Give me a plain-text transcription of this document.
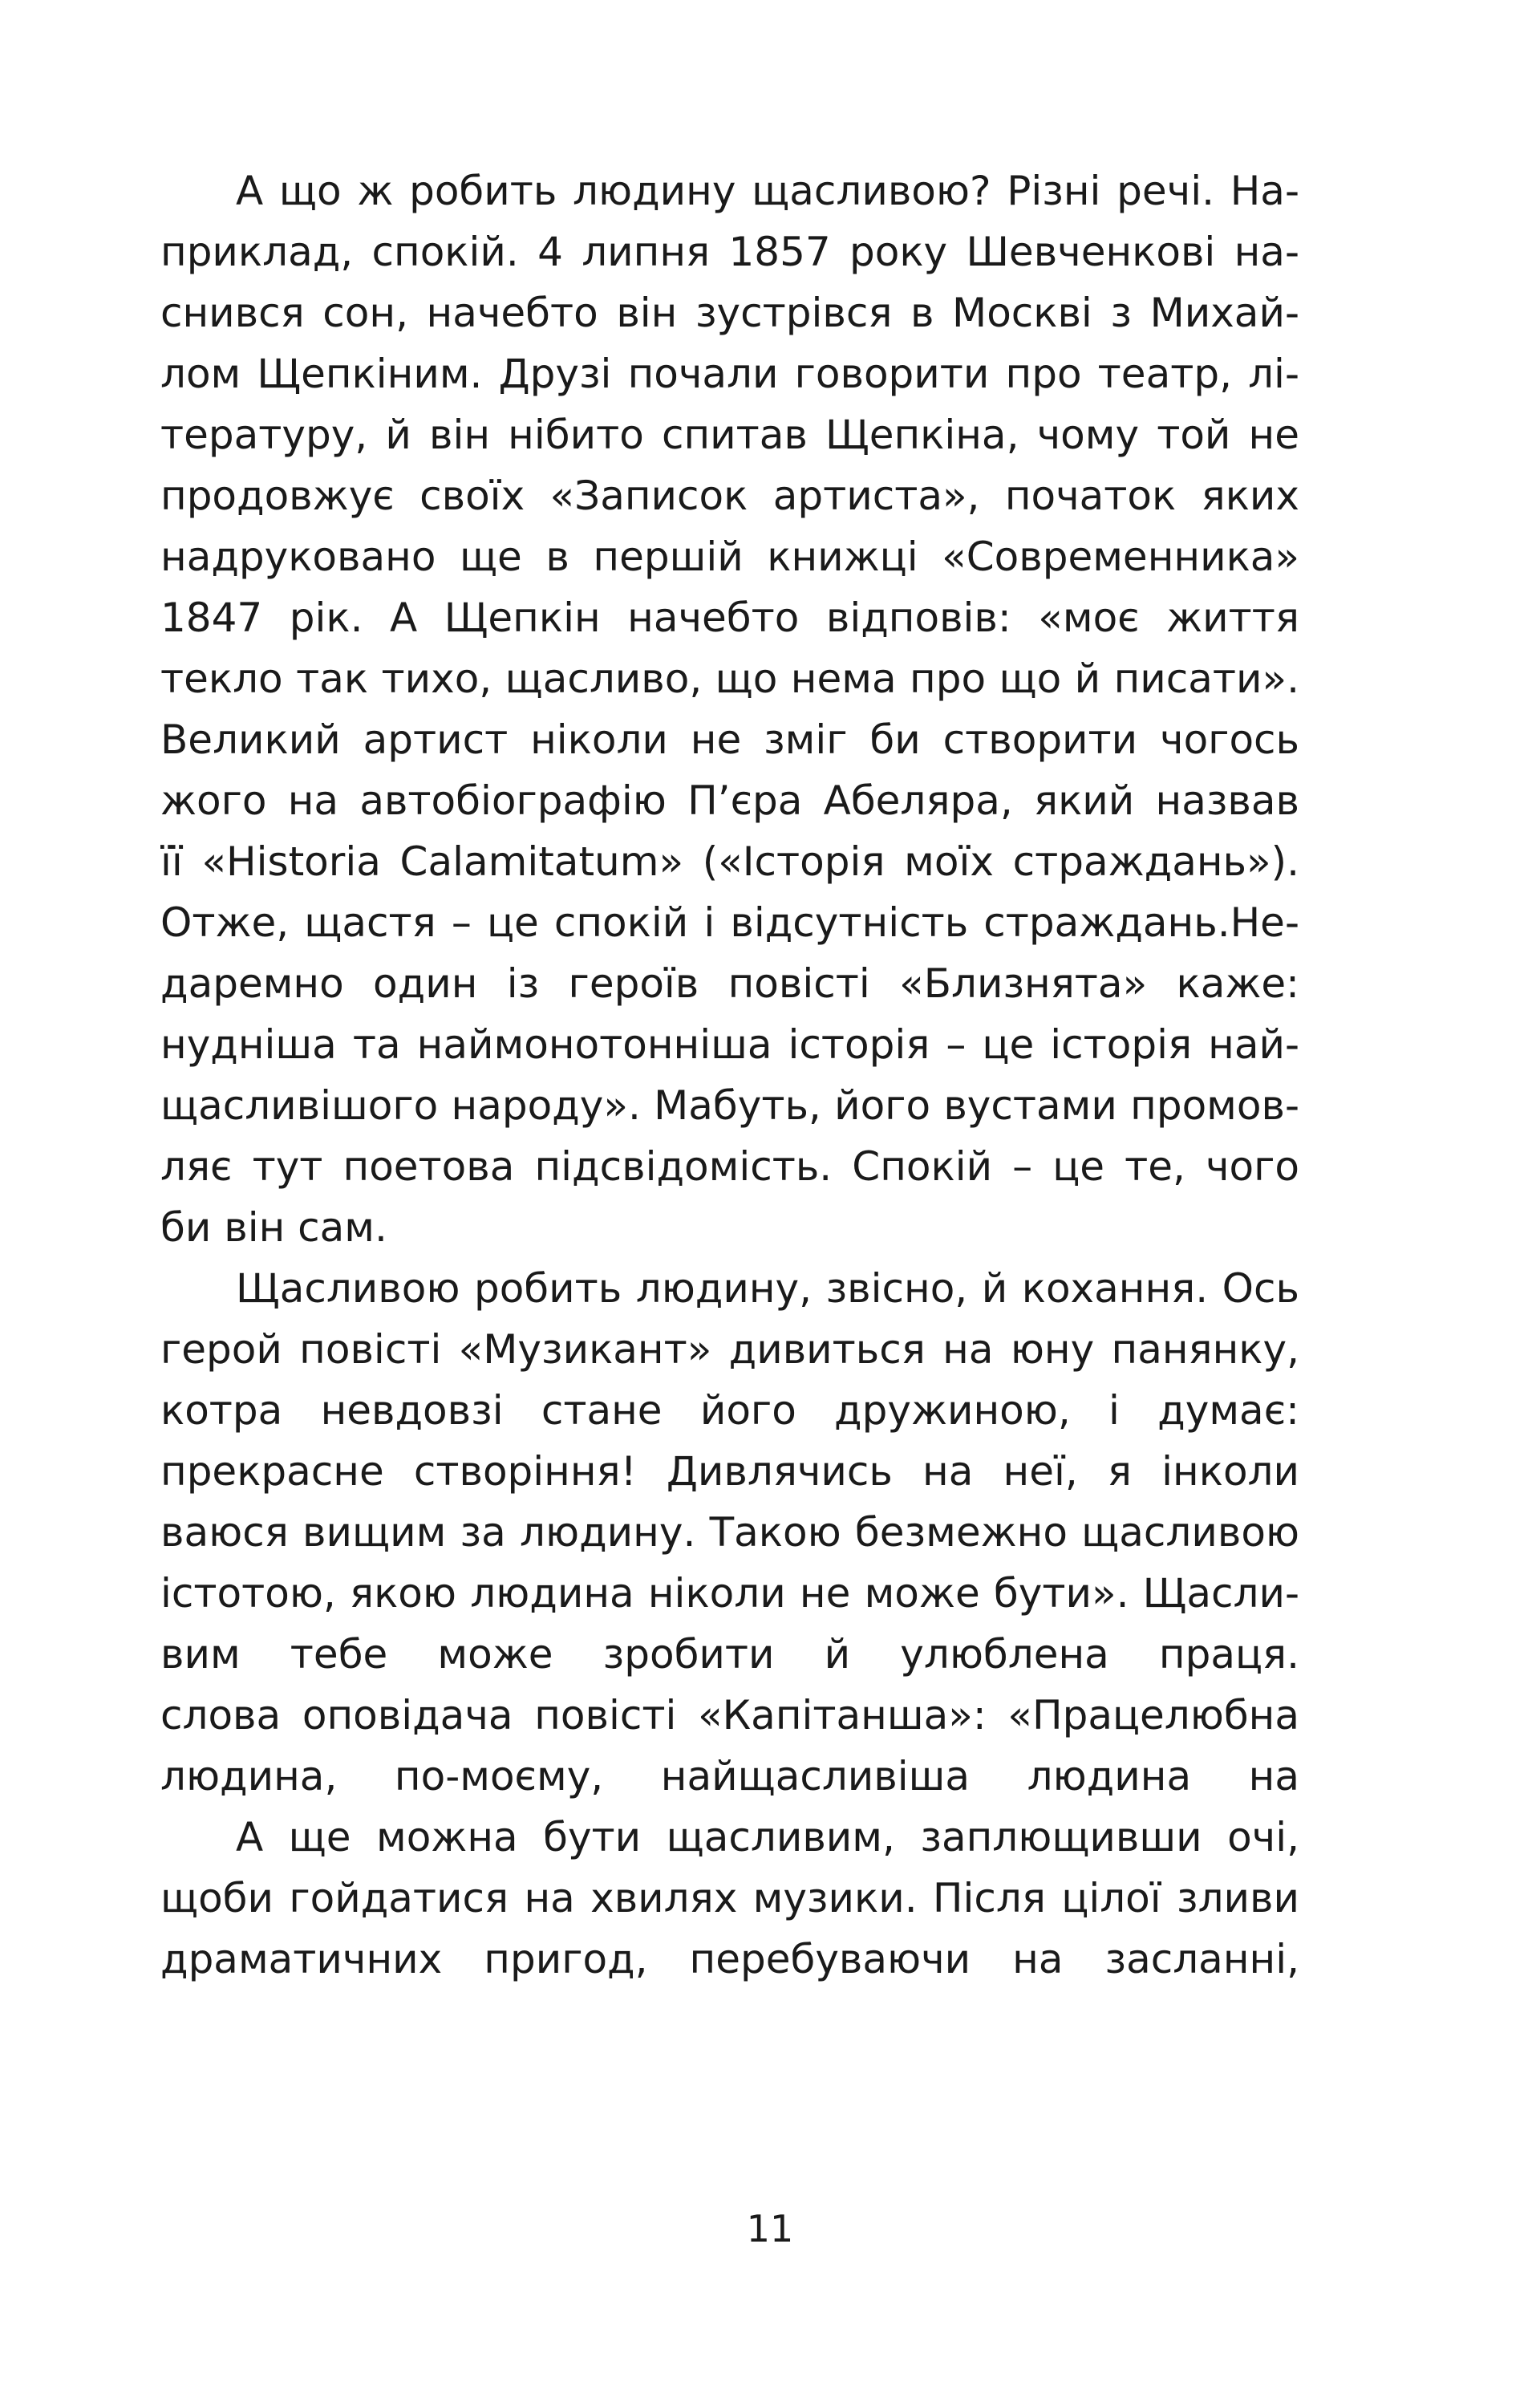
А що ж робить людину щасливою? Різні речі. На-
приклад, спокій. 4 липня 1857 року Шевченкові на-
снився сон, начебто він зустрівся в Москві з Михай-
лом Щепкіним. Друзі почали говорити про театр, лі-
тературу, й він нібито спитав Щепкіна, чому той не
продовжує своїх «Записок артиста», початок яких
надруковано ще в першій книжці «Современника»
1847 рік. А Щепкін начебто відповів: «моє життя
текло так тихо, щасливо, що нема про що й писати».
Великий артист ніколи не зміг би створити чогось
жого на автобіографію П’єра Абеляра, який назвав
її «Historia Calamitatum» («Історія моїх страждань»).
Отже, щастя – це спокій і відсутність страждань.Не-
даремно один із героїв повісті «Близнята» каже:
нудніша та наймонотонніша історія – це історія най-
щасливішого народу». Мабуть, його вустами промов-
ляє тут поетова підсвідомість. Спокій – це те, чого
би він сам.
Щасливою робить людину, звісно, й кохання. Ось
герой повісті «Музикант» дивиться на юну панянку,
котра невдовзі стане його дружиною, і думає:
прекрасне створіння! Дивлячись на неї, я інколи
ваюся вищим за людину. Такою безмежно щасливою
істотою, якою людина ніколи не може бути». Щасли-
вим тебе може зробити й улюблена праця.
слова оповідача повісті «Капітанша»: «Працелюбна
людина, по-моєму, найщасливіша людина на
А ще можна бути щасливим, заплющивши очі,
щоби гойдатися на хвилях музики. Після цілої зливи
драматичних пригод, перебуваючи на засланні,
11
